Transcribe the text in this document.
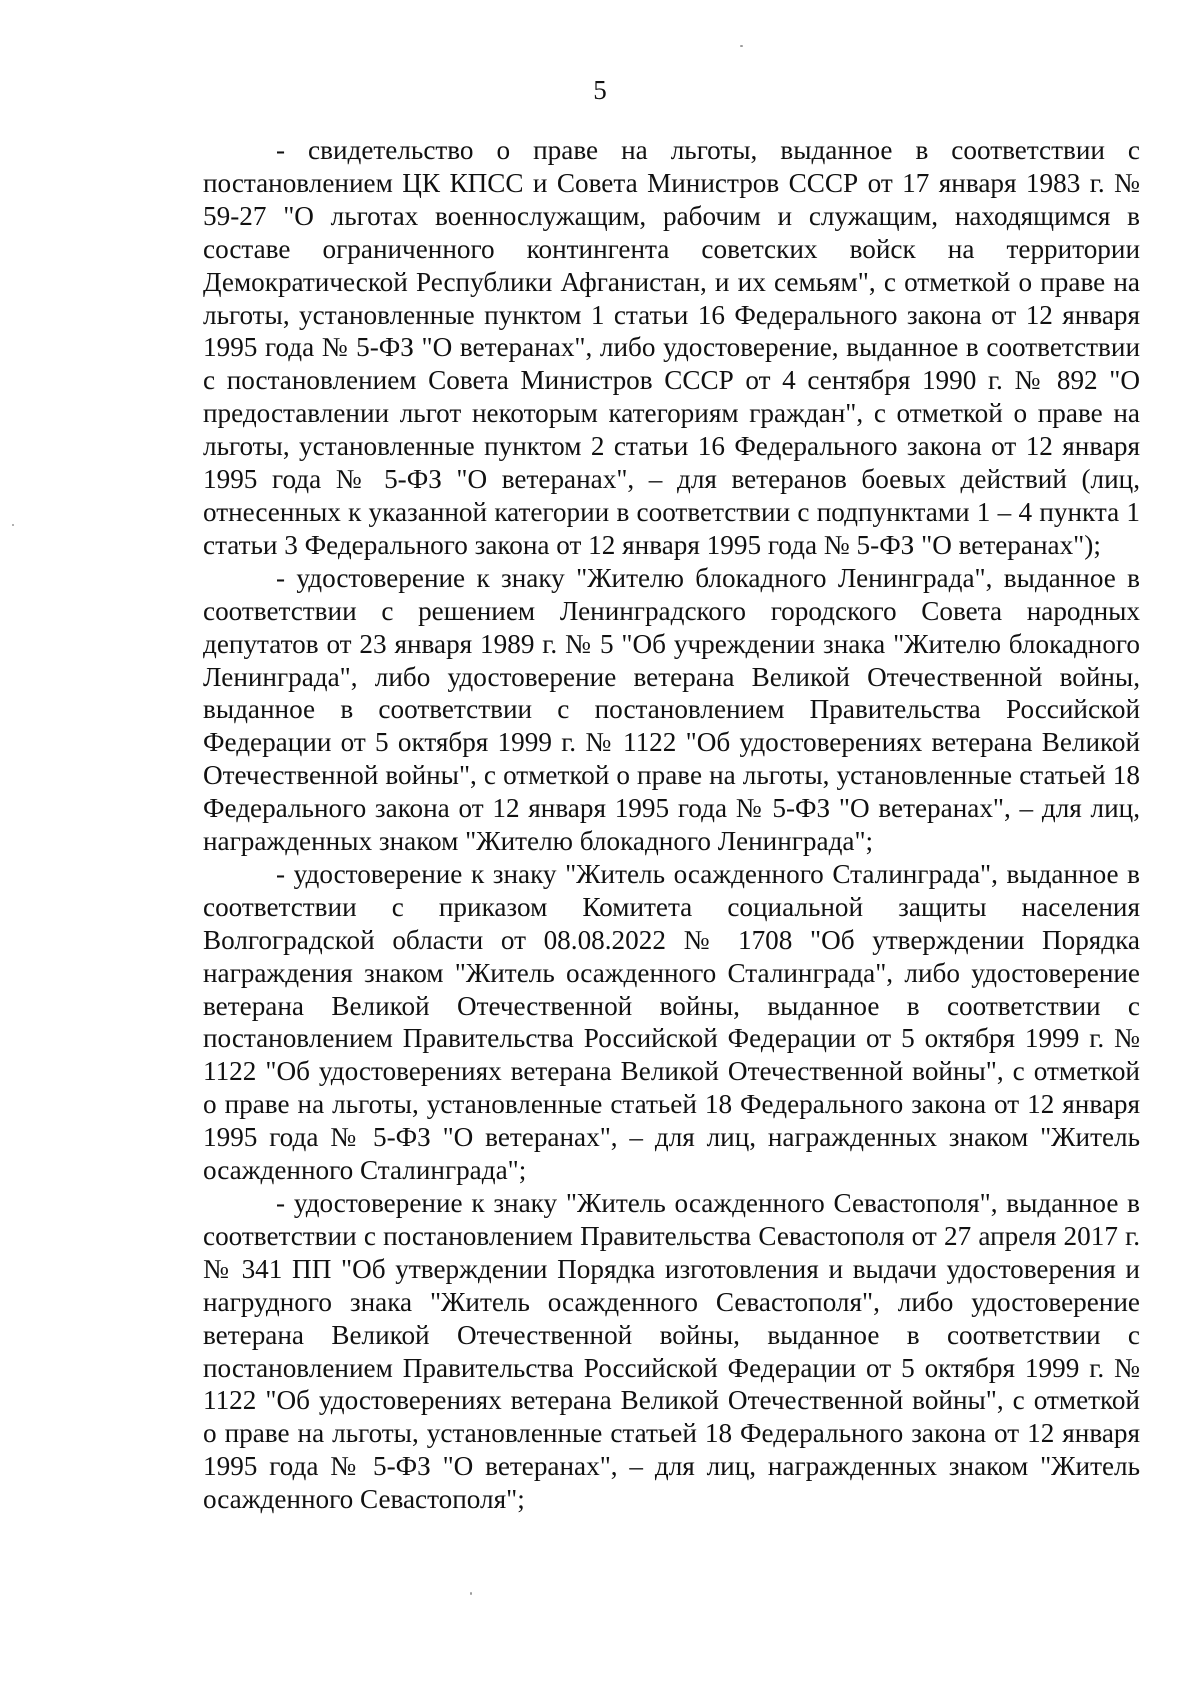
5

- свидетельство о праве на льготы, выданное в соответствии с постановлением ЦК КПСС и Совета Министров СССР от 17 января 1983 г. № 59-27 "О льготах военнослужащим, рабочим и служащим, находящимся в составе ограниченного контингента советских войск на территории Демократической Республики Афганистан, и их семьям", с отметкой о праве на льготы, установленные пунктом 1 статьи 16 Федерального закона от 12 января 1995 года № 5-ФЗ "О ветеранах", либо удостоверение, выданное в соответствии с постановлением Совета Министров СССР от 4 сентября 1990 г. № 892 "О предоставлении льгот некоторым категориям граждан", с отметкой о праве на льготы, установленные пунктом 2 статьи 16 Федерального закона от 12 января 1995 года № 5-ФЗ "О ветеранах", – для ветеранов боевых действий (лиц, отнесенных к указанной категории в соответствии с подпунктами 1 – 4 пункта 1 статьи 3 Федерального закона от 12 января 1995 года № 5-ФЗ "О ветеранах");

- удостоверение к знаку "Жителю блокадного Ленинграда", выданное в соответствии с решением Ленинградского городского Совета народных депутатов от 23 января 1989 г. № 5 "Об учреждении знака "Жителю блокадного Ленинграда", либо удостоверение ветерана Великой Отечественной войны, выданное в соответствии с постановлением Правительства Российской Федерации от 5 октября 1999 г. № 1122 "Об удостоверениях ветерана Великой Отечественной войны", с отметкой о праве на льготы, установленные статьей 18 Федерального закона от 12 января 1995 года № 5-ФЗ "О ветеранах", – для лиц, награжденных знаком "Жителю блокадного Ленинграда";

- удостоверение к знаку "Житель осажденного Сталинграда", выданное в соответствии с приказом Комитета социальной защиты населения Волгоградской области от 08.08.2022 № 1708 "Об утверждении Порядка награждения знаком "Житель осажденного Сталинграда", либо удостоверение ветерана Великой Отечественной войны, выданное в соответствии с постановлением Правительства Российской Федерации от 5 октября 1999 г. № 1122 "Об удостоверениях ветерана Великой Отечественной войны", с отметкой о праве на льготы, установленные статьей 18 Федерального закона от 12 января 1995 года № 5-ФЗ "О ветеранах", – для лиц, награжденных знаком "Житель осажденного Сталинграда";

- удостоверение к знаку "Житель осажденного Севастополя", выданное в соответствии с постановлением Правительства Севастополя от 27 апреля 2017 г. № 341 ПП "Об утверждении Порядка изготовления и выдачи удостоверения и нагрудного знака "Житель осажденного Севастополя", либо удостоверение ветерана Великой Отечественной войны, выданное в соответствии с постановлением Правительства Российской Федерации от 5 октября 1999 г. № 1122 "Об удостоверениях ветерана Великой Отечественной войны", с отметкой о праве на льготы, установленные статьей 18 Федерального закона от 12 января 1995 года № 5-ФЗ "О ветеранах", – для лиц, награжденных знаком "Житель осажденного Севастополя";
